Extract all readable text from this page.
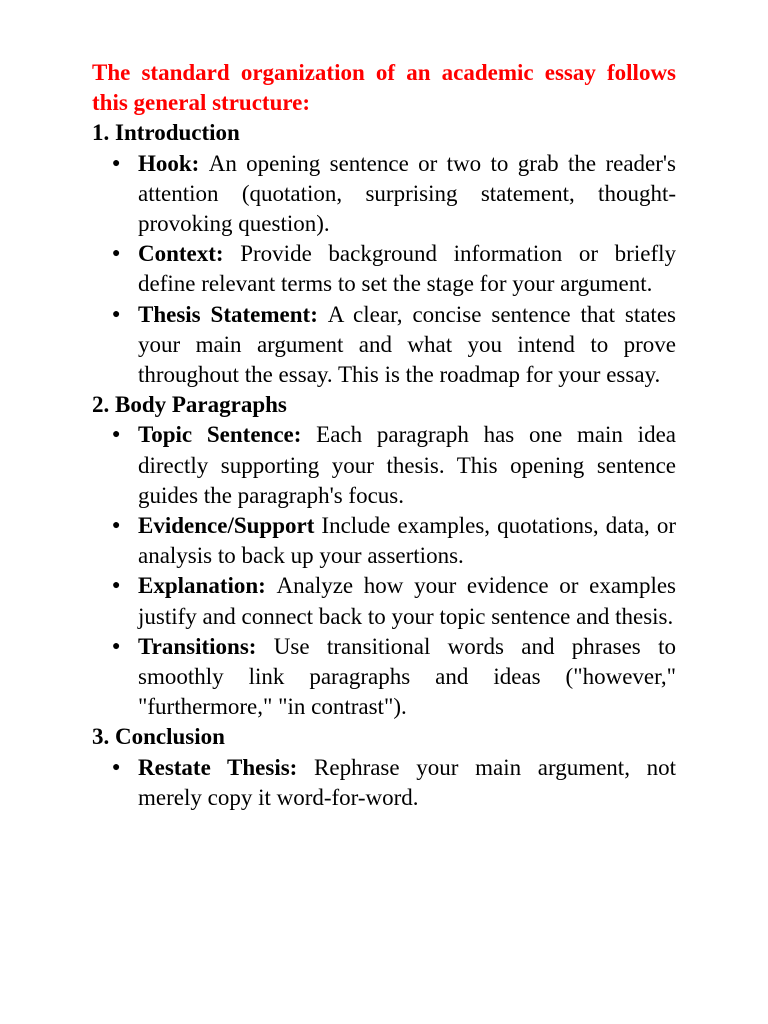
The standard organization of an academic essay follows this general structure:

1. Introduction

● Hook: An opening sentence or two to grab the reader's attention (quotation, surprising statement, thought-provoking question).
● Context: Provide background information or briefly define relevant terms to set the stage for your argument.
● Thesis Statement: A clear, concise sentence that states your main argument and what you intend to prove throughout the essay. This is the roadmap for your essay.

2. Body Paragraphs

● Topic Sentence: Each paragraph has one main idea directly supporting your thesis. This opening sentence guides the paragraph's focus.
● Evidence/Support Include examples, quotations, data, or analysis to back up your assertions.
● Explanation: Analyze how your evidence or examples justify and connect back to your topic sentence and thesis.
● Transitions: Use transitional words and phrases to smoothly link paragraphs and ideas ("however," "furthermore," "in contrast").

3. Conclusion

● Restate Thesis: Rephrase your main argument, not merely copy it word-for-word.
